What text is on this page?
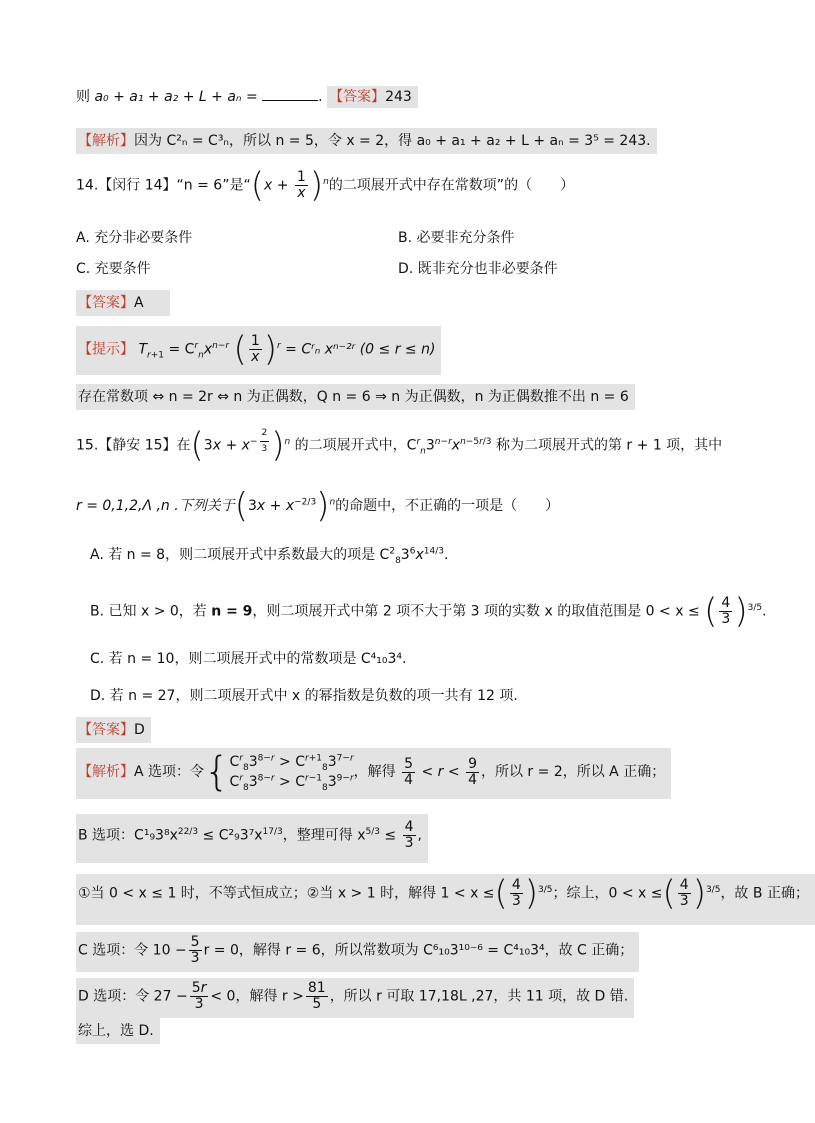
则 a₀ + a₁ + a₂ + L + aₙ =	. 【答案】243
【解析】因为 C²ₙ = C³ₙ，所以 n = 5，令 x = 2，得 a₀ + a₁ + a₂ + L + aₙ = 3⁵ = 243.
14.【闵行 14】“n = 6”是“$(x + \frac{1}{x} )^n$的二项展开式中存在常数项”的（　　）
A. 充分非必要条件	B. 必要非充分条件
C. 充要条件	D. 既非充分也非必要条件
【答案】A
【提示】 $T_{r+1} = C^r_nx^{n-r}$ ( $\frac{1}{x} )^r$ = Cʳₙ xⁿ⁻²ʳ (0 ≤ r ≤ n)
存在常数项 ⇔ n = 2r ⇔ n 为正偶数，Q n = 6 ⇒ n 为正偶数，n 为正偶数推不出 n = 6
15.【静安 15】在($3x + x^{- \frac{2}{3}}$ )$^n$ 的二项展开式中，$C^r_n3^{n-r}x^{n-5r/3}$ 称为二项展开式的第 r + 1 项，其中
r = 0,1,2,Λ ,n .下列关于$(3x + x^{-2/3})^n$的命题中，不正确的一项是（　　）
A. 若 n = 8，则二项展开式中系数最大的项是 $C^2_83^6x^{14/3}$.
B. 已知 x > 0，若 n = 9，则二项展开式中第 2 项不大于第 3 项的实数 x 的取值范围是 0 < x ≤ ( $\frac{4}{3} )^{3/5}$.
C. 若 n = 10，则二项展开式中的常数项是 C⁴₁₀3⁴.
D. 若 n = 27，则二项展开式中 x 的幂指数是负数的项一共有 12 项.
【答案】D
【解析】A 选项：令{$C^r_83^{8-r} > C^{r+1}_83^{7-r}$
$C^r_83^{8-r} > C^{r-1}_83^{9-r}$，解得 $\frac{5}{4} < r < \frac{9}{4}$ ，所以 r = 2，所以 A 正确；
B 选项：$C^1_93^8x^{22/3} \le C^2_93^7x^{17/3}$，整理可得 $x^{5/3} \le \frac{4}{3}$ ,
①当 0 < x ≤ 1 时，不等式恒成立；②当 x > 1 时，解得 1 < x ≤( $\frac{4}{3} )^{3/5}$；综上，0 < x ≤( $\frac{4}{3} )^{3/5}$，故 B 正确；
C 选项：令 $10 - \frac{5}{3}$ r = 0，解得 r = 6，所以常数项为 C⁶₁₀3¹⁰⁻⁶ = C⁴₁₀3⁴，故 C 正确；
D 选项：令 $27 - \frac{5r}{3} < 0$，解得 $r > \frac{81}{5}$ ，所以 r 可取 17,18L ,27，共 11 项，故 D 错.
综上，选 D.
